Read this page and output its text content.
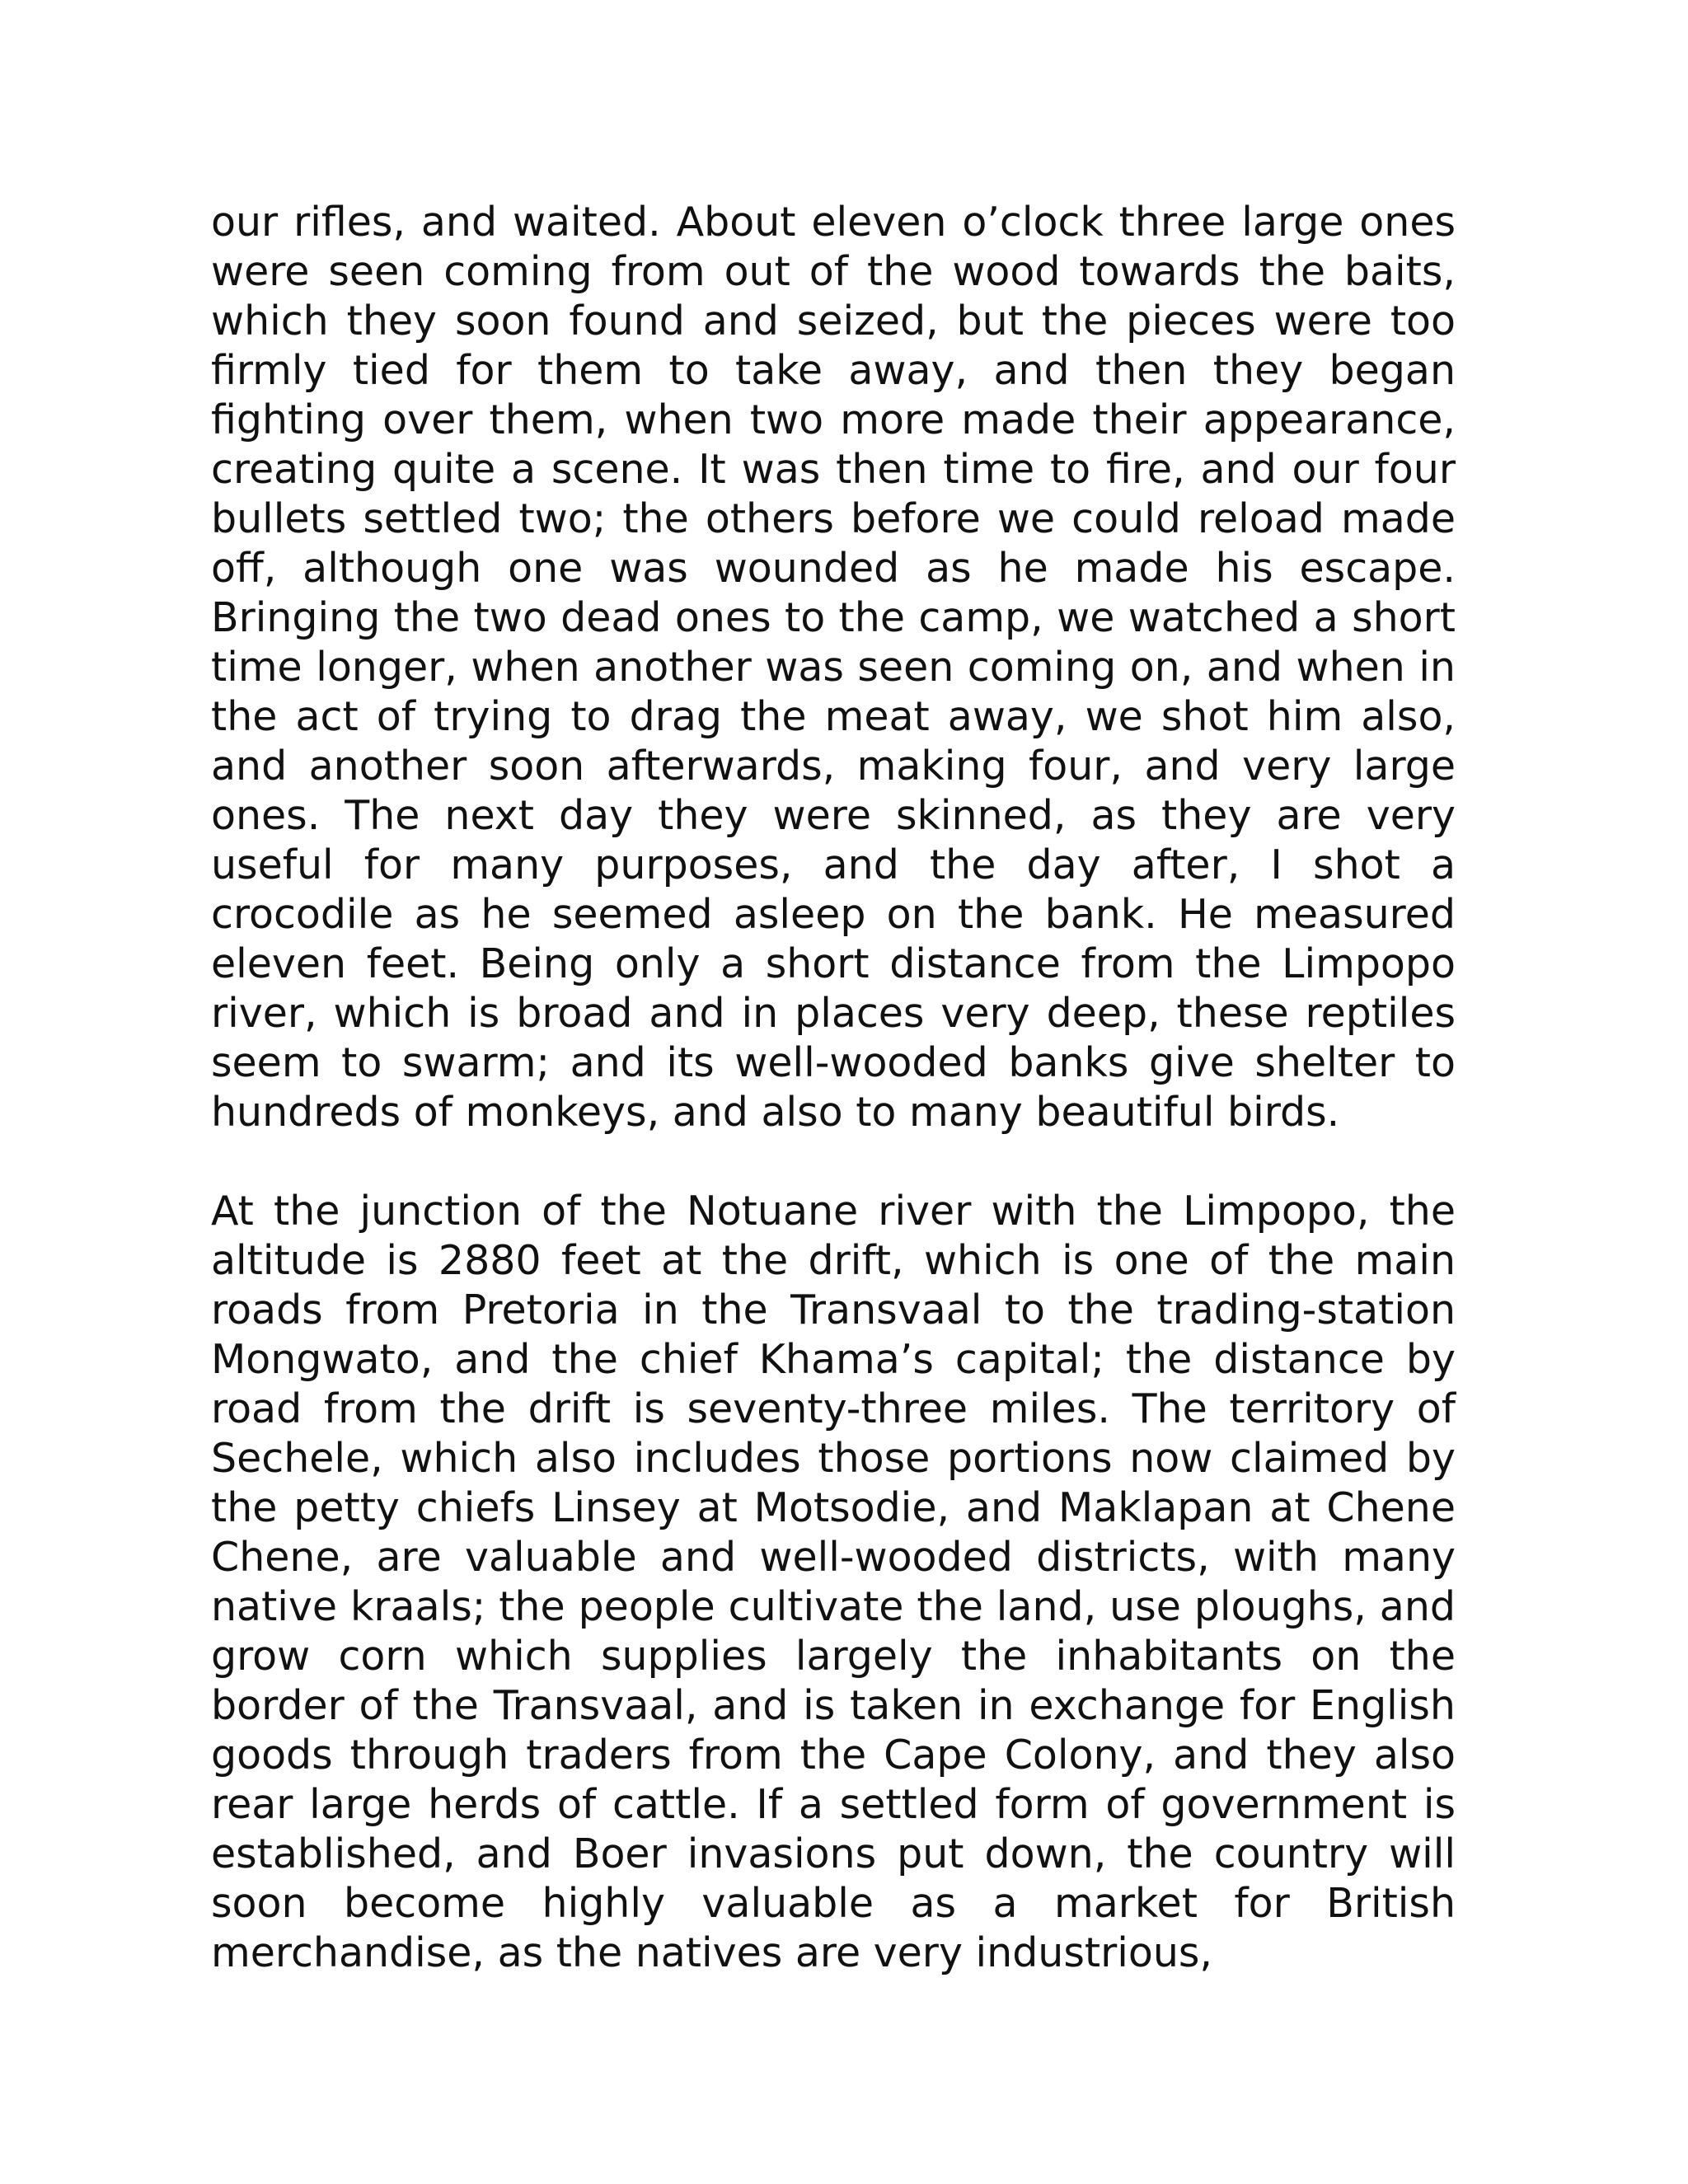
our rifles, and waited. About eleven o’clock three large ones were seen coming from out of the wood towards the baits, which they soon found and seized, but the pieces were too firmly tied for them to take away, and then they began fighting over them, when two more made their appearance, creating quite a scene. It was then time to fire, and our four bullets settled two; the others before we could reload made off, although one was wounded as he made his escape. Bringing the two dead ones to the camp, we watched a short time longer, when another was seen coming on, and when in the act of trying to drag the meat away, we shot him also, and another soon afterwards, making four, and very large ones. The next day they were skinned, as they are very useful for many purposes, and the day after, I shot a crocodile as he seemed asleep on the bank. He measured eleven feet. Being only a short distance from the Limpopo river, which is broad and in places very deep, these reptiles seem to swarm; and its well-wooded banks give shelter to hundreds of monkeys, and also to many beautiful birds.

At the junction of the Notuane river with the Limpopo, the altitude is 2880 feet at the drift, which is one of the main roads from Pretoria in the Transvaal to the trading-station Mongwato, and the chief Khama’s capital; the distance by road from the drift is seventy-three miles. The territory of Sechele, which also includes those portions now claimed by the petty chiefs Linsey at Motsodie, and Maklapan at Chene Chene, are valuable and well-wooded districts, with many native kraals; the people cultivate the land, use ploughs, and grow corn which supplies largely the inhabitants on the border of the Transvaal, and is taken in exchange for English goods through traders from the Cape Colony, and they also rear large herds of cattle. If a settled form of government is established, and Boer invasions put down, the country will soon become highly valuable as a market for British merchandise, as the natives are very industrious,
